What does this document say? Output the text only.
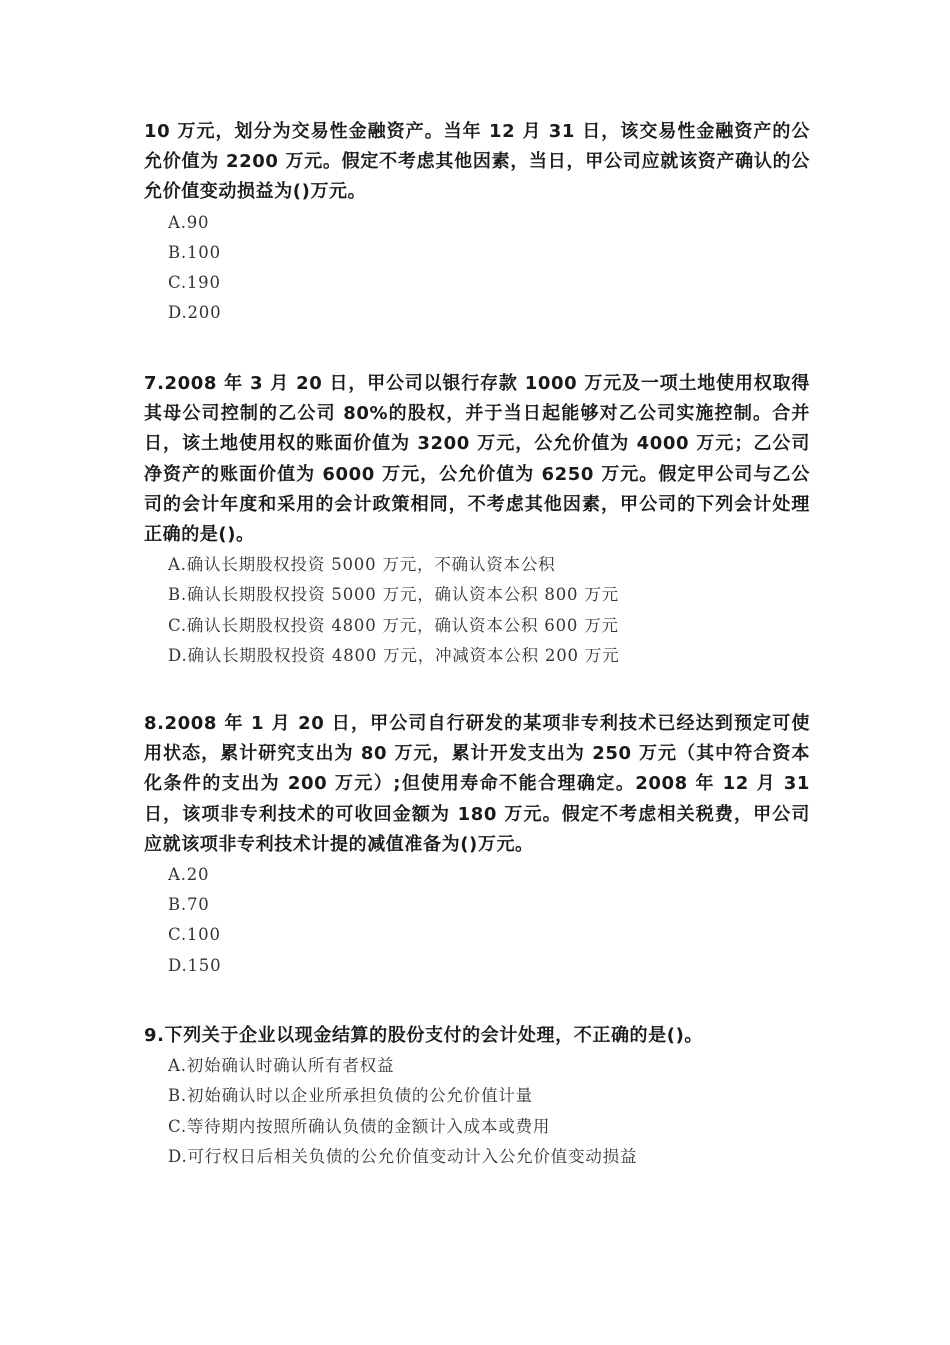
10 万元，划分为交易性金融资产。当年 12 月 31 日，该交易性金融资产的公允价值为 2200 万元。假定不考虑其他因素，当日，甲公司应就该资产确认的公允价值变动损益为()万元。

A.90
B.100
C.190
D.200

7.2008 年 3 月 20 日，甲公司以银行存款 1000 万元及一项土地使用权取得其母公司控制的乙公司 80%的股权，并于当日起能够对乙公司实施控制。合并日，该土地使用权的账面价值为 3200 万元，公允价值为 4000 万元；乙公司净资产的账面价值为 6000 万元，公允价值为 6250 万元。假定甲公司与乙公司的会计年度和采用的会计政策相同，不考虑其他因素，甲公司的下列会计处理正确的是()。

A.确认长期股权投资 5000 万元，不确认资本公积
B.确认长期股权投资 5000 万元，确认资本公积 800 万元
C.确认长期股权投资 4800 万元，确认资本公积 600 万元
D.确认长期股权投资 4800 万元，冲减资本公积 200 万元

8.2008 年 1 月 20 日，甲公司自行研发的某项非专利技术已经达到预定可使用状态，累计研究支出为 80 万元，累计开发支出为 250 万元（其中符合资本化条件的支出为 200 万元）;但使用寿命不能合理确定。2008 年 12 月 31 日，该项非专利技术的可收回金额为 180 万元。假定不考虑相关税费，甲公司应就该项非专利技术计提的减值准备为()万元。

A.20
B.70
C.100
D.150

9.下列关于企业以现金结算的股份支付的会计处理，不正确的是()。

A.初始确认时确认所有者权益
B.初始确认时以企业所承担负债的公允价值计量
C.等待期内按照所确认负债的金额计入成本或费用
D.可行权日后相关负债的公允价值变动计入公允价值变动损益
